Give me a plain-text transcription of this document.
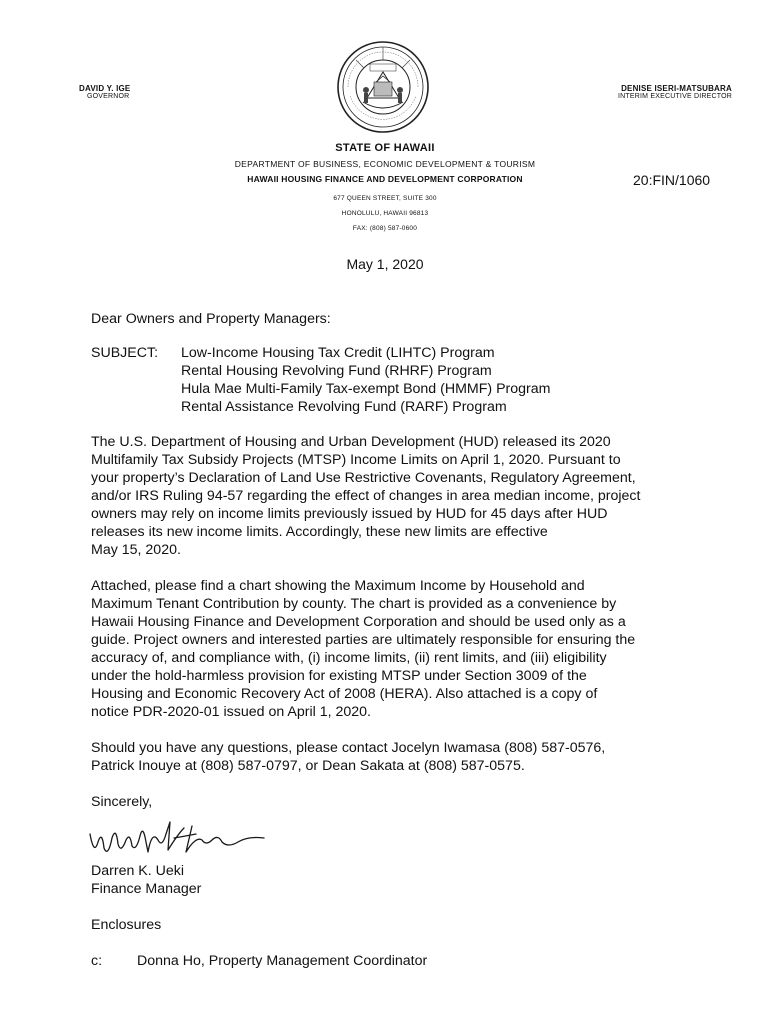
DAVID Y. IGE
GOVERNOR
DENISE ISERI-MATSUBARA
INTERIM EXECUTIVE DIRECTOR
STATE OF HAWAII
DEPARTMENT OF BUSINESS, ECONOMIC DEVELOPMENT & TOURISM
HAWAII HOUSING FINANCE AND DEVELOPMENT CORPORATION
677 QUEEN STREET, SUITE 300
HONOLULU, HAWAII 96813
FAX: (808) 587-0600
20:FIN/1060
May 1, 2020
Dear Owners and Property Managers:
SUBJECT: Low-Income Housing Tax Credit (LIHTC) Program
Rental Housing Revolving Fund (RHRF) Program
Hula Mae Multi-Family Tax-exempt Bond (HMMF) Program
Rental Assistance Revolving Fund (RARF) Program
The U.S. Department of Housing and Urban Development (HUD) released its 2020
Multifamily Tax Subsidy Projects (MTSP) Income Limits on April 1, 2020. Pursuant to
your property’s Declaration of Land Use Restrictive Covenants, Regulatory Agreement,
and/or IRS Ruling 94-57 regarding the effect of changes in area median income, project
owners may rely on income limits previously issued by HUD for 45 days after HUD
releases its new income limits. Accordingly, these new limits are effective
May 15, 2020.
Attached, please find a chart showing the Maximum Income by Household and
Maximum Tenant Contribution by county. The chart is provided as a convenience by
Hawaii Housing Finance and Development Corporation and should be used only as a
guide. Project owners and interested parties are ultimately responsible for ensuring the
accuracy of, and compliance with, (i) income limits, (ii) rent limits, and (iii) eligibility
under the hold-harmless provision for existing MTSP under Section 3009 of the
Housing and Economic Recovery Act of 2008 (HERA). Also attached is a copy of
notice PDR-2020-01 issued on April 1, 2020.
Should you have any questions, please contact Jocelyn Iwamasa (808) 587-0576,
Patrick Inouye at (808) 587-0797, or Dean Sakata at (808) 587-0575.
Sincerely,
Darren K. Ueki
Finance Manager
Enclosures
c: Donna Ho, Property Management Coordinator
